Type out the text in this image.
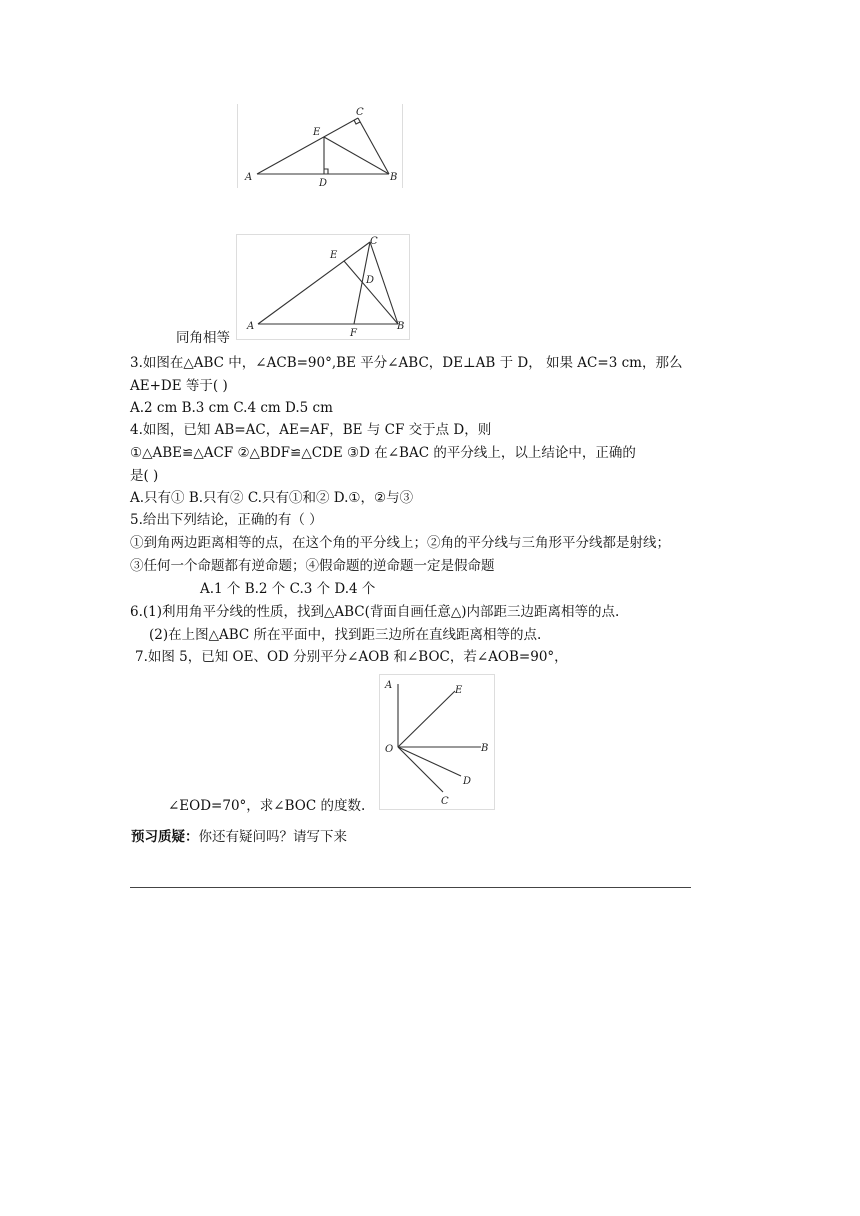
A	B
C
D
E
A	B
C
D
E
F
同角相等
3.如图在△ABC 中，∠ACB=90°,BE 平分∠ABC，DE⊥AB 于 D， 如果 AC=3 cm，那么
AE+DE 等于( )
A.2 cm B.3 cm C.4 cm D.5 cm
4.如图，已知 AB=AC，AE=AF，BE 与 CF 交于点 D，则
①△ABE≌△ACF ②△BDF≌△CDE ③D 在∠BAC 的平分线上，以上结论中，正确的
是( )
A.只有① B.只有② C.只有①和② D.①，②与③
5.给出下列结论，正确的有（ ）
①到角两边距离相等的点，在这个角的平分线上；②角的平分线与三角形平分线都是射线；
③任何一个命题都有逆命题；④假命题的逆命题一定是假命题
A.1 个 B.2 个 C.3 个 D.4 个
6.(1)利用角平分线的性质，找到△ABC(背面自画任意△)内部距三边距离相等的点.
(2)在上图△ABC 所在平面中，找到距三边所在直线距离相等的点.
7.如图 5，已知 OE、OD 分别平分∠AOB 和∠BOC，若∠AOB=90°，
A
B
C
D
E
O
∠EOD=70°，求∠BOC 的度数.
预习质疑：你还有疑问吗？请写下来
